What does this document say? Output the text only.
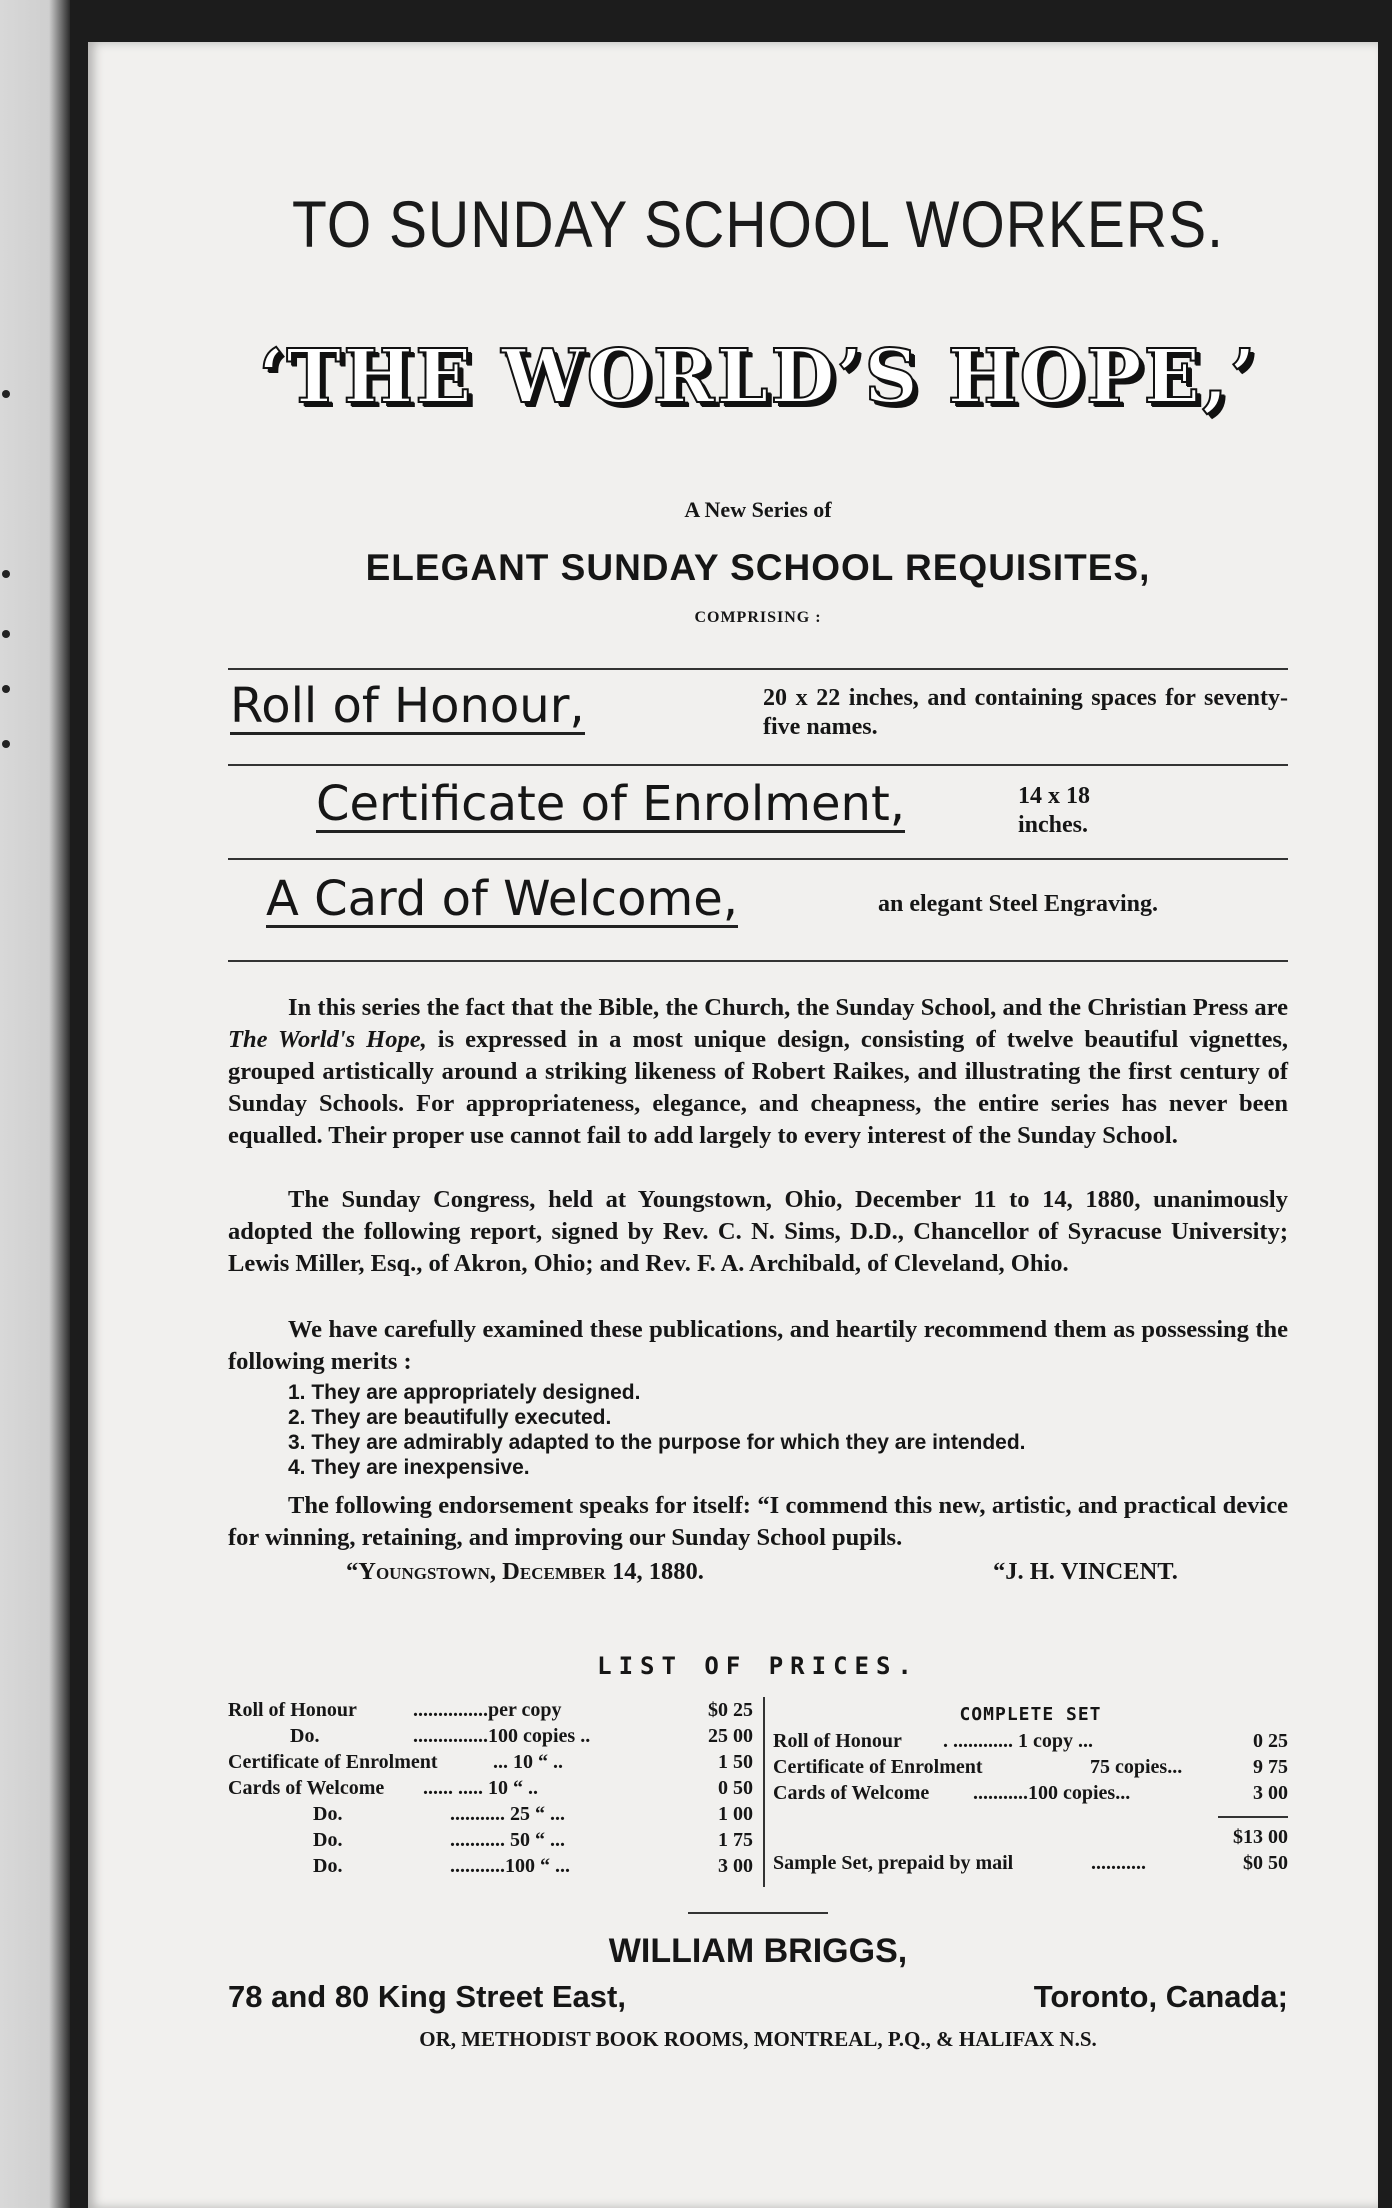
TO SUNDAY SCHOOL WORKERS.
‘THE WORLD’S HOPE,’
A New Series of
ELEGANT SUNDAY SCHOOL REQUISITES,
COMPRISING :
Roll of Honour,	20 x 22 inches, and containing spaces for seventy-five names.
Certificate of Enrolment,	14 x 18 inches.
A Card of Welcome,	an elegant Steel Engraving.
In this series the fact that the Bible, the Church, the Sunday School, and the Christian Press are The World's Hope, is expressed in a most unique design, consisting of twelve beautiful vignettes, grouped artistically around a striking likeness of Robert Raikes, and illustrating the first century of Sunday Schools. For appropriateness, elegance, and cheapness, the entire series has never been equalled. Their proper use cannot fail to add largely to every interest of the Sunday School.
The Sunday Congress, held at Youngstown, Ohio, December 11 to 14, 1880, unanimously adopted the following report, signed by Rev. C. N. Sims, D.D., Chancellor of Syracuse University; Lewis Miller, Esq., of Akron, Ohio; and Rev. F. A. Archibald, of Cleveland, Ohio.
We have carefully examined these publications, and heartily recommend them as possessing the following merits :
1. They are appropriately designed.
2. They are beautifully executed.
3. They are admirably adapted to the purpose for which they are intended.
4. They are inexpensive.
The following endorsement speaks for itself: “I commend this new, artistic, and practical device for winning, retaining, and improving our Sunday School pupils.
“Youngstown, December 14, 1880.	“J. H. VINCENT.
LIST OF PRICES.
Roll of Honour	...............per copy	$0 25
Do.	...............100 copies ..	25 00
Certificate of Enrolment	... 10 “ ..	1 50
Cards of Welcome ...... ..... 10 “ ..	0 50
Do.	........... 25 “ ...	1 00
Do.	........... 50 “ ...	1 75
Do.	...........100 “ ...	3 00
COMPLETE SET
Roll of Honour . ............ 1 copy ...	0 25
Certificate of Enrolment	75 copies...	9 75
Cards of Welcome ...........100 copies...	3 00
$13 00
Sample Set, prepaid by mail	...........	$0 50
WILLIAM BRIGGS,
78 and 80 King Street East,	Toronto, Canada;
OR, METHODIST BOOK ROOMS, MONTREAL, P.Q., & HALIFAX N.S.
